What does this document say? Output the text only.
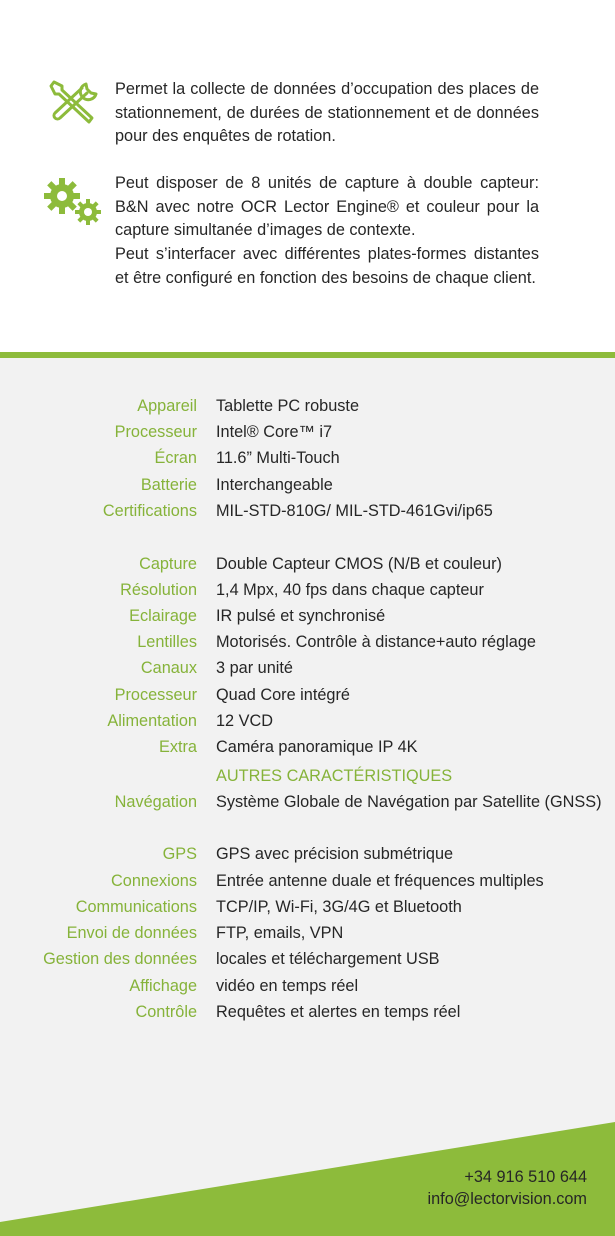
Permet la collecte de données d’occupation des places de stationnement, de durées de stationnement et de données pour des enquêtes de rotation.

Peut disposer de 8 unités de capture à double capteur: B&N avec notre OCR Lector Engine® et couleur pour la capture simultanée d’images de contexte.

Peut s’interfacer avec différentes plates-formes distantes et être configuré en fonction des besoins de chaque client.

Appareil Tablette PC robuste
Processeur Intel® Core™ i7
Écran 11.6” Multi-Touch
Batterie Interchangeable
Certifications MIL-STD-810G/ MIL-STD-461Gvi/ip65
Capture Double Capteur CMOS (N/B et couleur)
Résolution 1,4 Mpx, 40 fps dans chaque capteur
Eclairage IR pulsé et synchronisé
Lentilles Motorisés. Contrôle à distance+auto réglage
Canaux 3 par unité
Processeur Quad Core intégré
Alimentation 12 VCD
Extra Caméra panoramique IP 4K
AUTRES CARACTÉRISTIQUES
Navégation Système Globale de Navégation par Satellite (GNSS)
GPS GPS avec précision submétrique
Connexions Entrée antenne duale et fréquences multiples
Communications TCP/IP, Wi-Fi, 3G/4G et Bluetooth
Envoi de données FTP, emails, VPN
Gestion des données locales et téléchargement USB
Affichage vidéo en temps réel
Contrôle Requêtes et alertes en temps réel
+34 916 510 644
info@lectorvision.com
